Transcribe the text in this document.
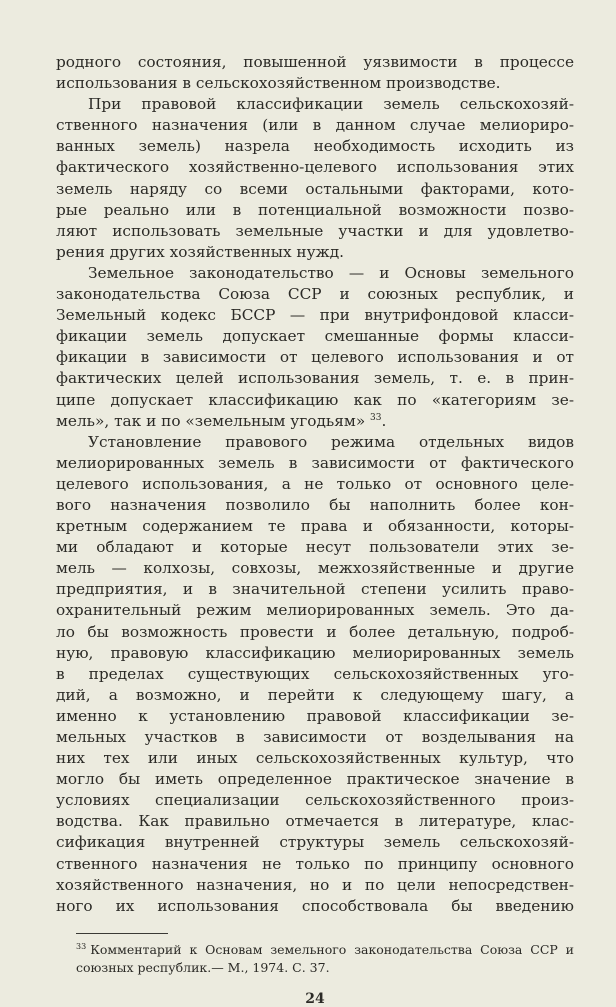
родного состояния, повышенной уязвимости в процессе
использования в сельскохозяйственном производстве.
При правовой классификации земель сельскохозяй-
ственного назначения (или в данном случае мелиориро-
ванных земель) назрела необходимость исходить из
фактического хозяйственно-целевого использования этих
земель наряду со всеми остальными факторами, кото-
рые реально или в потенциальной возможности позво-
ляют использовать земельные участки и для удовлетво-
рения других хозяйственных нужд.
Земельное законодательство — и Основы земельного
законодательства Союза ССР и союзных республик, и
Земельный кодекс БССР — при внутрифондовой класси-
фикации земель допускает смешанные формы класси-
фикации в зависимости от целевого использования и от
фактических целей использования земель, т. е. в прин-
ципе допускает классификацию как по «категориям зе-
мель», так и по «земельным угодьям» $^{33}$.
Установление правового режима отдельных видов
мелиорированных земель в зависимости от фактического
целевого использования, а не только от основного целе-
вого назначения позволило бы наполнить более кон-
кретным содержанием те права и обязанности, которы-
ми обладают и которые несут пользователи этих зе-
мель — колхозы, совхозы, межхозяйственные и другие
предприятия, и в значительной степени усилить право-
охранительный режим мелиорированных земель. Это да-
ло бы возможность провести и более детальную, подроб-
ную, правовую классификацию мелиорированных земель
в пределах существующих сельскохозяйственных уго-
дий, а возможно, и перейти к следующему шагу, а
именно к установлению правовой классификации зе-
мельных участков в зависимости от возделывания на
них тех или иных сельскохозяйственных культур, что
могло бы иметь определенное практическое значение в
условиях специализации сельскохозяйственного произ-
водства. Как правильно отмечается в литературе, клас-
сификация внутренней структуры земель сельскохозяй-
ственного назначения не только по принципу основного
хозяйственного назначения, но и по цели непосредствен-
ного их использования способствовала бы введению
$^{33}$ Комментарий к Основам земельного законодательства Союза ССР и союзных республик.— М., 1974. С. 37.
24
